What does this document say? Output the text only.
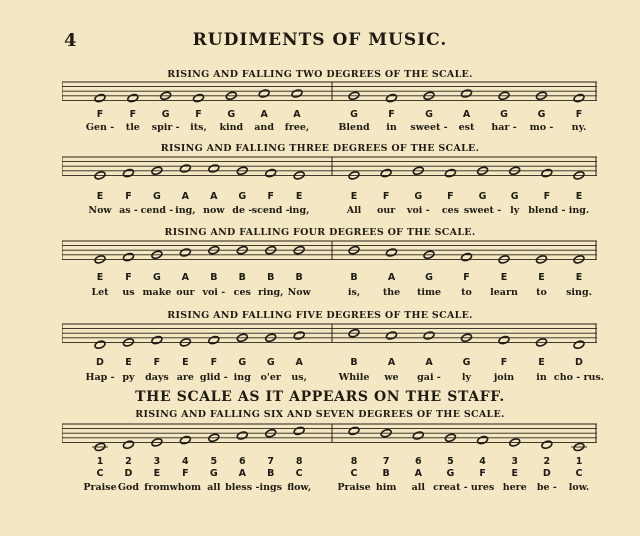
4	RUDIMENTS OF MUSIC.
RISING AND FALLING TWO DEGREES OF THE SCALE.
F	F	G	F	G	A	A	G	F	G	A	G	G	F
Gen - tle spir - its, kind and free,	Blend in sweet - est har - mo - ny.
RISING AND FALLING THREE DEGREES OF THE SCALE.
E F G A A G F E	E	F	G	F	G	G	F	E
Now as - cend - ing, now de - scend - ing,	All our voi - ces sweet - ly blend - ing.
RISING AND FALLING FOUR DEGREES OF THE SCALE.
E F G A B B B B	B	A	G	F	E	E	E
Let us make our voi - ces ring, Now	is, the time to learn to sing.
RISING AND FALLING FIVE DEGREES OF THE SCALE.
D E F E F G G A	B	A	A	G	F	E	D
Hap - py days are glid - ing o'er us,	While we gai - ly join in cho - rus.
RISING AND FALLING SIX AND SEVEN DEGREES OF THE SCALE.
1 2 3 4 5 6 7 8	8	7	6	5	4	3	2	1
C D E F G A B C	C	B	A	G	F	E	D	C
Praise God from whom all bless - ings flow,	Praise him all creat - ures here be - low.
THE SCALE AS IT APPEARS ON THE STAFF.
